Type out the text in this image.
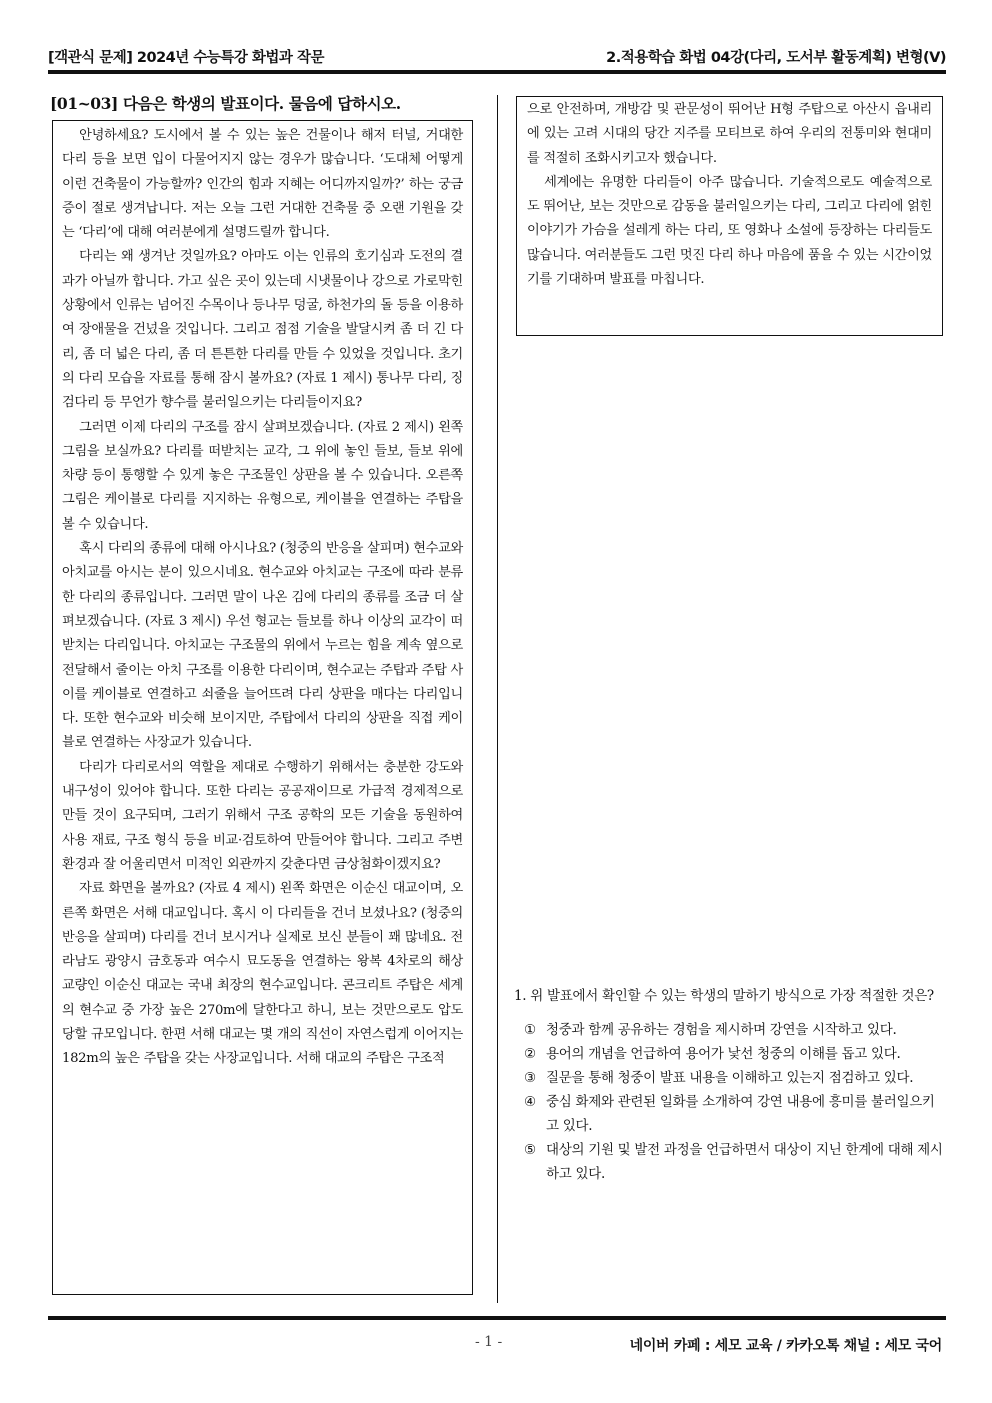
[객관식 문제] 2024년 수능특강 화법과 작문	2.적용학습 화법 04강(다리, 도서부 활동계획) 변형(V)
[01~03] 다음은 학생의 발표이다. 물음에 답하시오.

안녕하세요? 도시에서 볼 수 있는 높은 건물이나 해저 터널, 거대한 다리 등을 보면 입이 다물어지지 않는 경우가 많습니다. ‘도대체 어떻게 이런 건축물이 가능할까? 인간의 힘과 지혜는 어디까지일까?’ 하는 궁금증이 절로 생겨납니다. 저는 오늘 그런 거대한 건축물 중 오랜 기원을 갖는 ‘다리’에 대해 여러분에게 설명드릴까 합니다.

다리는 왜 생겨난 것일까요? 아마도 이는 인류의 호기심과 도전의 결과가 아닐까 합니다. 가고 싶은 곳이 있는데 시냇물이나 강으로 가로막힌 상황에서 인류는 넘어진 수목이나 등나무 덩굴, 하천가의 돌 등을 이용하여 장애물을 건넜을 것입니다. 그리고 점점 기술을 발달시켜 좀 더 긴 다리, 좀 더 넓은 다리, 좀 더 튼튼한 다리를 만들 수 있었을 것입니다. 초기의 다리 모습을 자료를 통해 잠시 볼까요? (자료 1 제시) 통나무 다리, 징검다리 등 무언가 향수를 불러일으키는 다리들이지요?

그러면 이제 다리의 구조를 잠시 살펴보겠습니다. (자료 2 제시) 왼쪽 그림을 보실까요? 다리를 떠받치는 교각, 그 위에 놓인 들보, 들보 위에 차량 등이 통행할 수 있게 놓은 구조물인 상판을 볼 수 있습니다. 오른쪽 그림은 케이블로 다리를 지지하는 유형으로, 케이블을 연결하는 주탑을 볼 수 있습니다.

혹시 다리의 종류에 대해 아시나요? (청중의 반응을 살피며) 현수교와 아치교를 아시는 분이 있으시네요. 현수교와 아치교는 구조에 따라 분류한 다리의 종류입니다. 그러면 말이 나온 김에 다리의 종류를 조금 더 살펴보겠습니다. (자료 3 제시) 우선 형교는 들보를 하나 이상의 교각이 떠받치는 다리입니다. 아치교는 구조물의 위에서 누르는 힘을 계속 옆으로 전달해서 줄이는 아치 구조를 이용한 다리이며, 현수교는 주탑과 주탑 사이를 케이블로 연결하고 쇠줄을 늘어뜨려 다리 상판을 매다는 다리입니다. 또한 현수교와 비슷해 보이지만, 주탑에서 다리의 상판을 직접 케이블로 연결하는 사장교가 있습니다.

다리가 다리로서의 역할을 제대로 수행하기 위해서는 충분한 강도와 내구성이 있어야 합니다. 또한 다리는 공공재이므로 가급적 경제적으로 만들 것이 요구되며, 그러기 위해서 구조 공학의 모든 기술을 동원하여 사용 재료, 구조 형식 등을 비교·검토하여 만들어야 합니다. 그리고 주변 환경과 잘 어울리면서 미적인 외관까지 갖춘다면 금상첨화이겠지요?

자료 화면을 볼까요? (자료 4 제시) 왼쪽 화면은 이순신 대교이며, 오른쪽 화면은 서해 대교입니다. 혹시 이 다리들을 건너 보셨나요? (청중의 반응을 살피며) 다리를 건너 보시거나 실제로 보신 분들이 꽤 많네요. 전라남도 광양시 금호동과 여수시 묘도동을 연결하는 왕복 4차로의 해상 교량인 이순신 대교는 국내 최장의 현수교입니다. 콘크리트 주탑은 세계의 현수교 중 가장 높은 270m에 달한다고 하니, 보는 것만으로도 압도당할 규모입니다. 한편 서해 대교는 몇 개의 직선이 자연스럽게 이어지는 182m의 높은 주탑을 갖는 사장교입니다. 서해 대교의 주탑은 구조적

으로 안전하며, 개방감 및 관문성이 뛰어난 H형 주탑으로 아산시 읍내리에 있는 고려 시대의 당간 지주를 모티브로 하여 우리의 전통미와 현대미를 적절히 조화시키고자 했습니다.

세계에는 유명한 다리들이 아주 많습니다. 기술적으로도 예술적으로도 뛰어난, 보는 것만으로 감동을 불러일으키는 다리, 그리고 다리에 얽힌 이야기가 가슴을 설레게 하는 다리, 또 영화나 소설에 등장하는 다리들도 많습니다. 여러분들도 그런 멋진 다리 하나 마음에 품을 수 있는 시간이었기를 기대하며 발표를 마칩니다.

1. 위 발표에서 확인할 수 있는 학생의 말하기 방식으로 가장 적절한 것은?

① 청중과 함께 공유하는 경험을 제시하며 강연을 시작하고 있다.
② 용어의 개념을 언급하여 용어가 낯선 청중의 이해를 돕고 있다.
③ 질문을 통해 청중이 발표 내용을 이해하고 있는지 점검하고 있다.
④ 중심 화제와 관련된 일화를 소개하여 강연 내용에 흥미를 불러일으키고 있다.
⑤ 대상의 기원 및 발전 과정을 언급하면서 대상이 지닌 한계에 대해 제시하고 있다.
- 1 -	네이버 카페 : 세모 교육 / 카카오톡 채널 : 세모 국어
